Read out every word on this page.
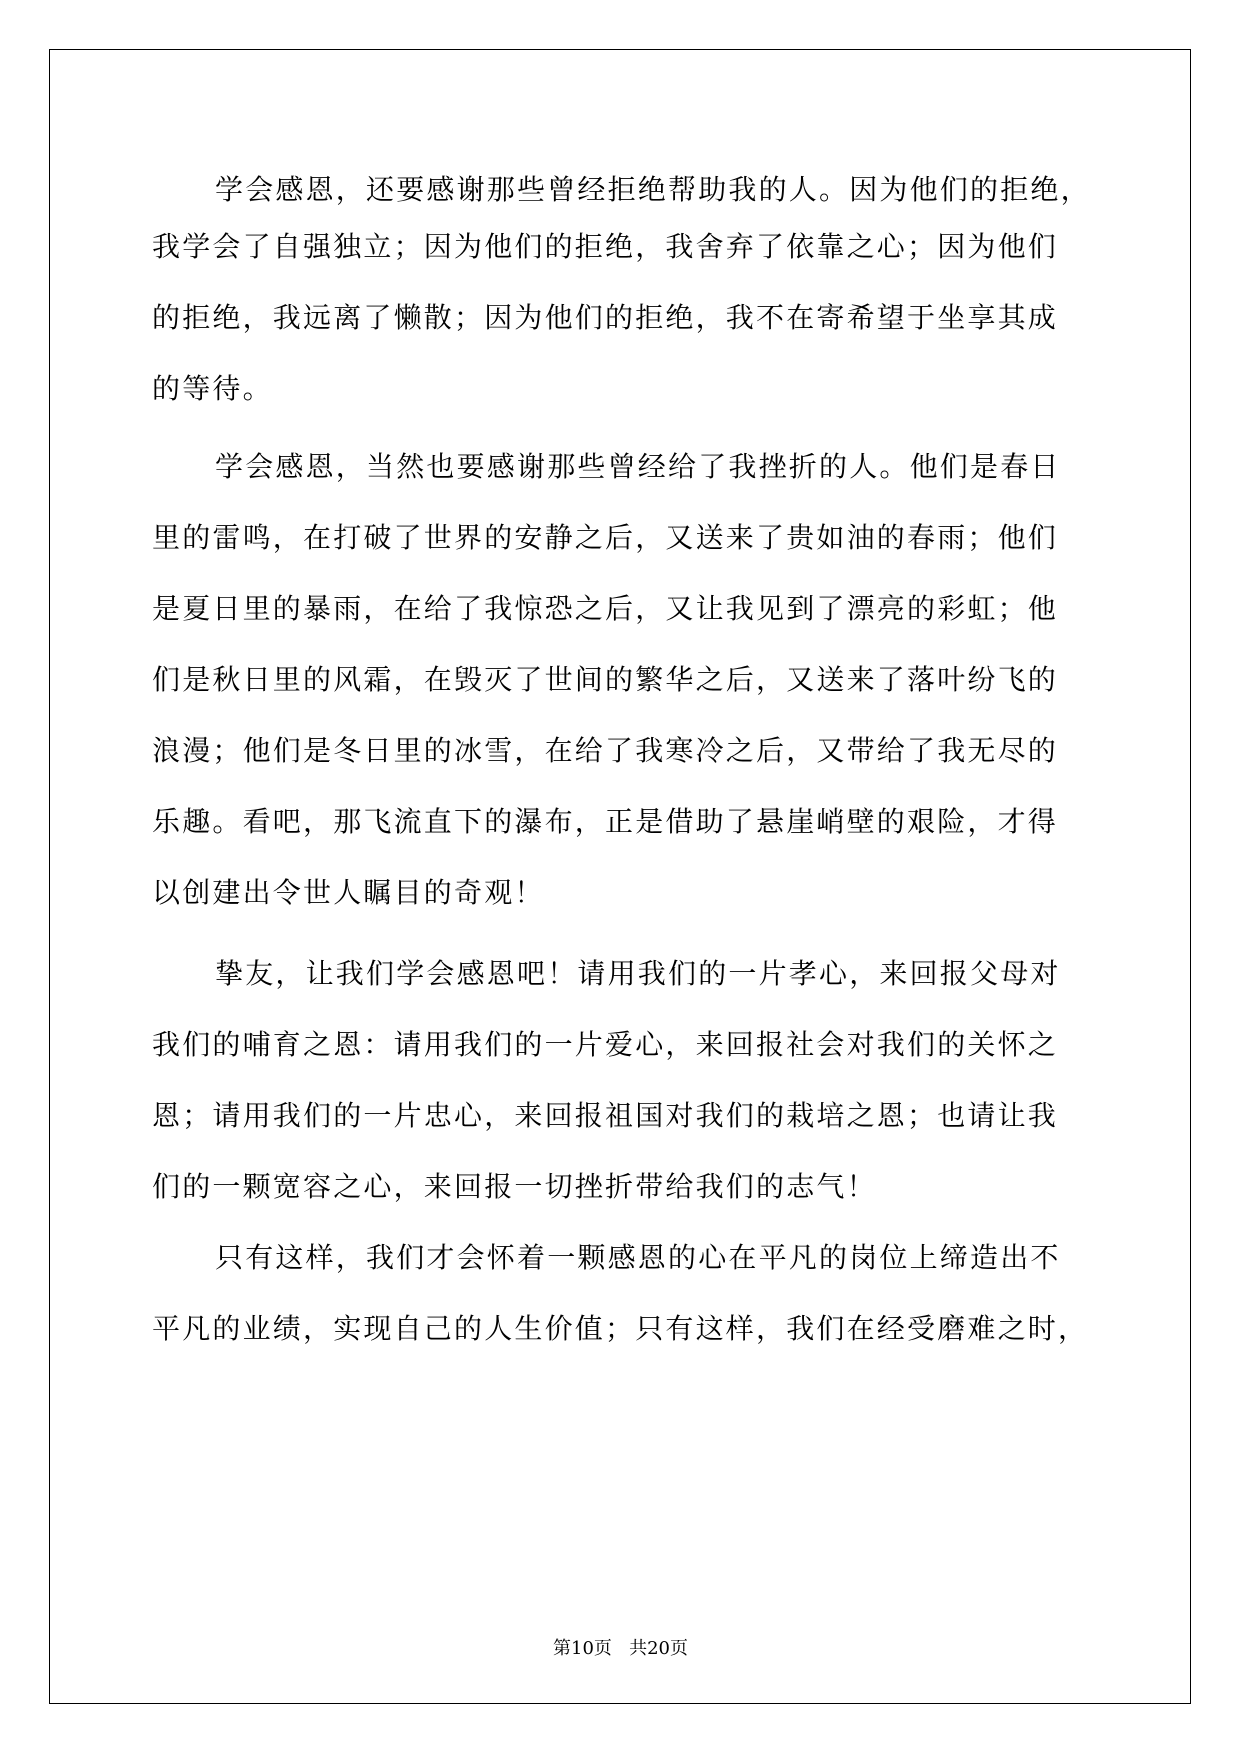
学会感恩，还要感谢那些曾经拒绝帮助我的人。因为他们的拒绝，
我学会了自强独立；因为他们的拒绝，我舍弃了依靠之心；因为他们
的拒绝，我远离了懒散；因为他们的拒绝，我不在寄希望于坐享其成
的等待。
学会感恩，当然也要感谢那些曾经给了我挫折的人。他们是春日
里的雷鸣，在打破了世界的安静之后，又送来了贵如油的春雨；他们
是夏日里的暴雨，在给了我惊恐之后，又让我见到了漂亮的彩虹；他
们是秋日里的风霜，在毁灭了世间的繁华之后，又送来了落叶纷飞的
浪漫；他们是冬日里的冰雪，在给了我寒冷之后，又带给了我无尽的
乐趣。看吧，那飞流直下的瀑布，正是借助了悬崖峭壁的艰险，才得
以创建出令世人瞩目的奇观！
挚友，让我们学会感恩吧！请用我们的一片孝心，来回报父母对
我们的哺育之恩：请用我们的一片爱心，来回报社会对我们的关怀之
恩；请用我们的一片忠心，来回报祖国对我们的栽培之恩；也请让我
们的一颗宽容之心，来回报一切挫折带给我们的志气！
只有这样，我们才会怀着一颗感恩的心在平凡的岗位上缔造出不
平凡的业绩，实现自己的人生价值；只有这样，我们在经受磨难之时，
第10页 共20页
